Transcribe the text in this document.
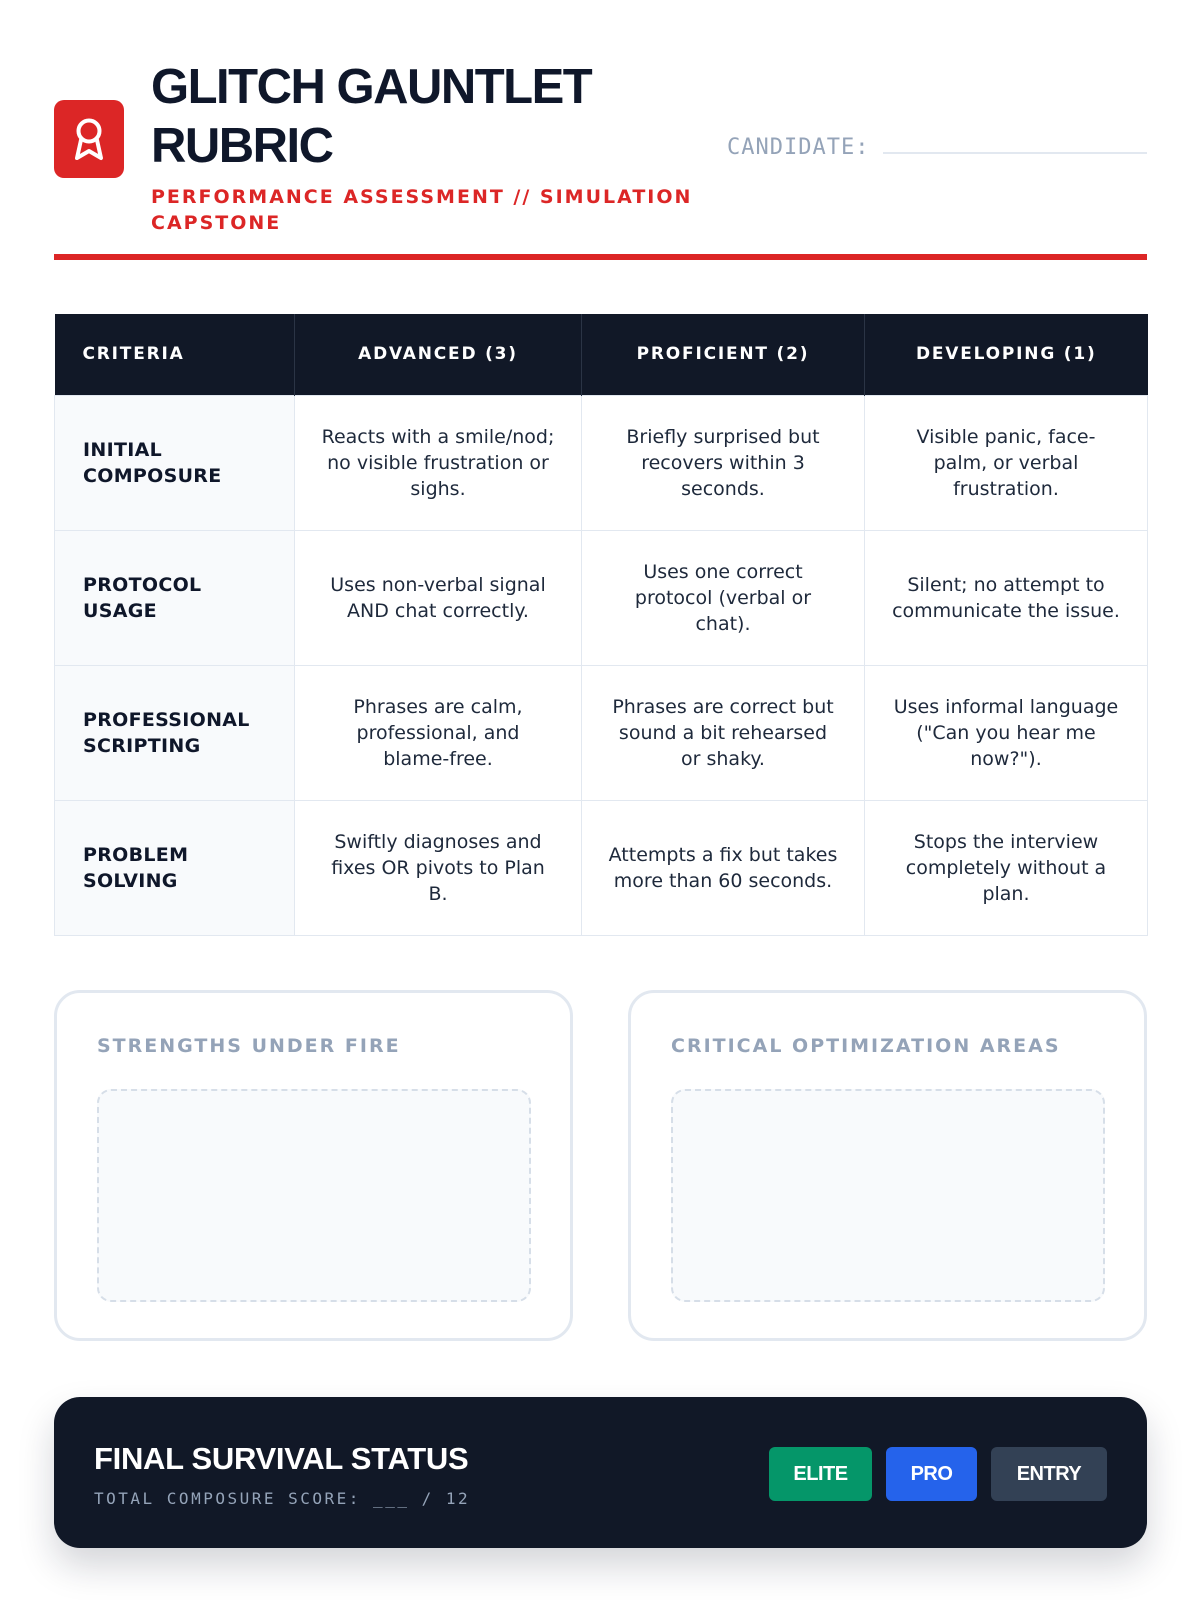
GLITCH GAUNTLET RUBRIC
PERFORMANCE ASSESSMENT // SIMULATION CAPSTONE
CANDIDATE:
CRITERIA	ADVANCED (3)	PROFICIENT (2)	DEVELOPING (1)
INITIAL COMPOSURE	Reacts with a smile/nod; no visible frustration or sighs.	Briefly surprised but recovers within 3 seconds.	Visible panic, face-palm, or verbal frustration.
PROTOCOL USAGE	Uses non-verbal signal AND chat correctly.	Uses one correct protocol (verbal or chat).	Silent; no attempt to communicate the issue.
PROFESSIONAL SCRIPTING	Phrases are calm, professional, and blame-free.	Phrases are correct but sound a bit rehearsed or shaky.	Uses informal language ("Can you hear me now?").
PROBLEM SOLVING	Swiftly diagnoses and fixes OR pivots to Plan B.	Attempts a fix but takes more than 60 seconds.	Stops the interview completely without a plan.
STRENGTHS UNDER FIRE	CRITICAL OPTIMIZATION AREAS
FINAL SURVIVAL STATUS
TOTAL COMPOSURE SCORE: ___ / 12
ELITE	PRO	ENTRY
